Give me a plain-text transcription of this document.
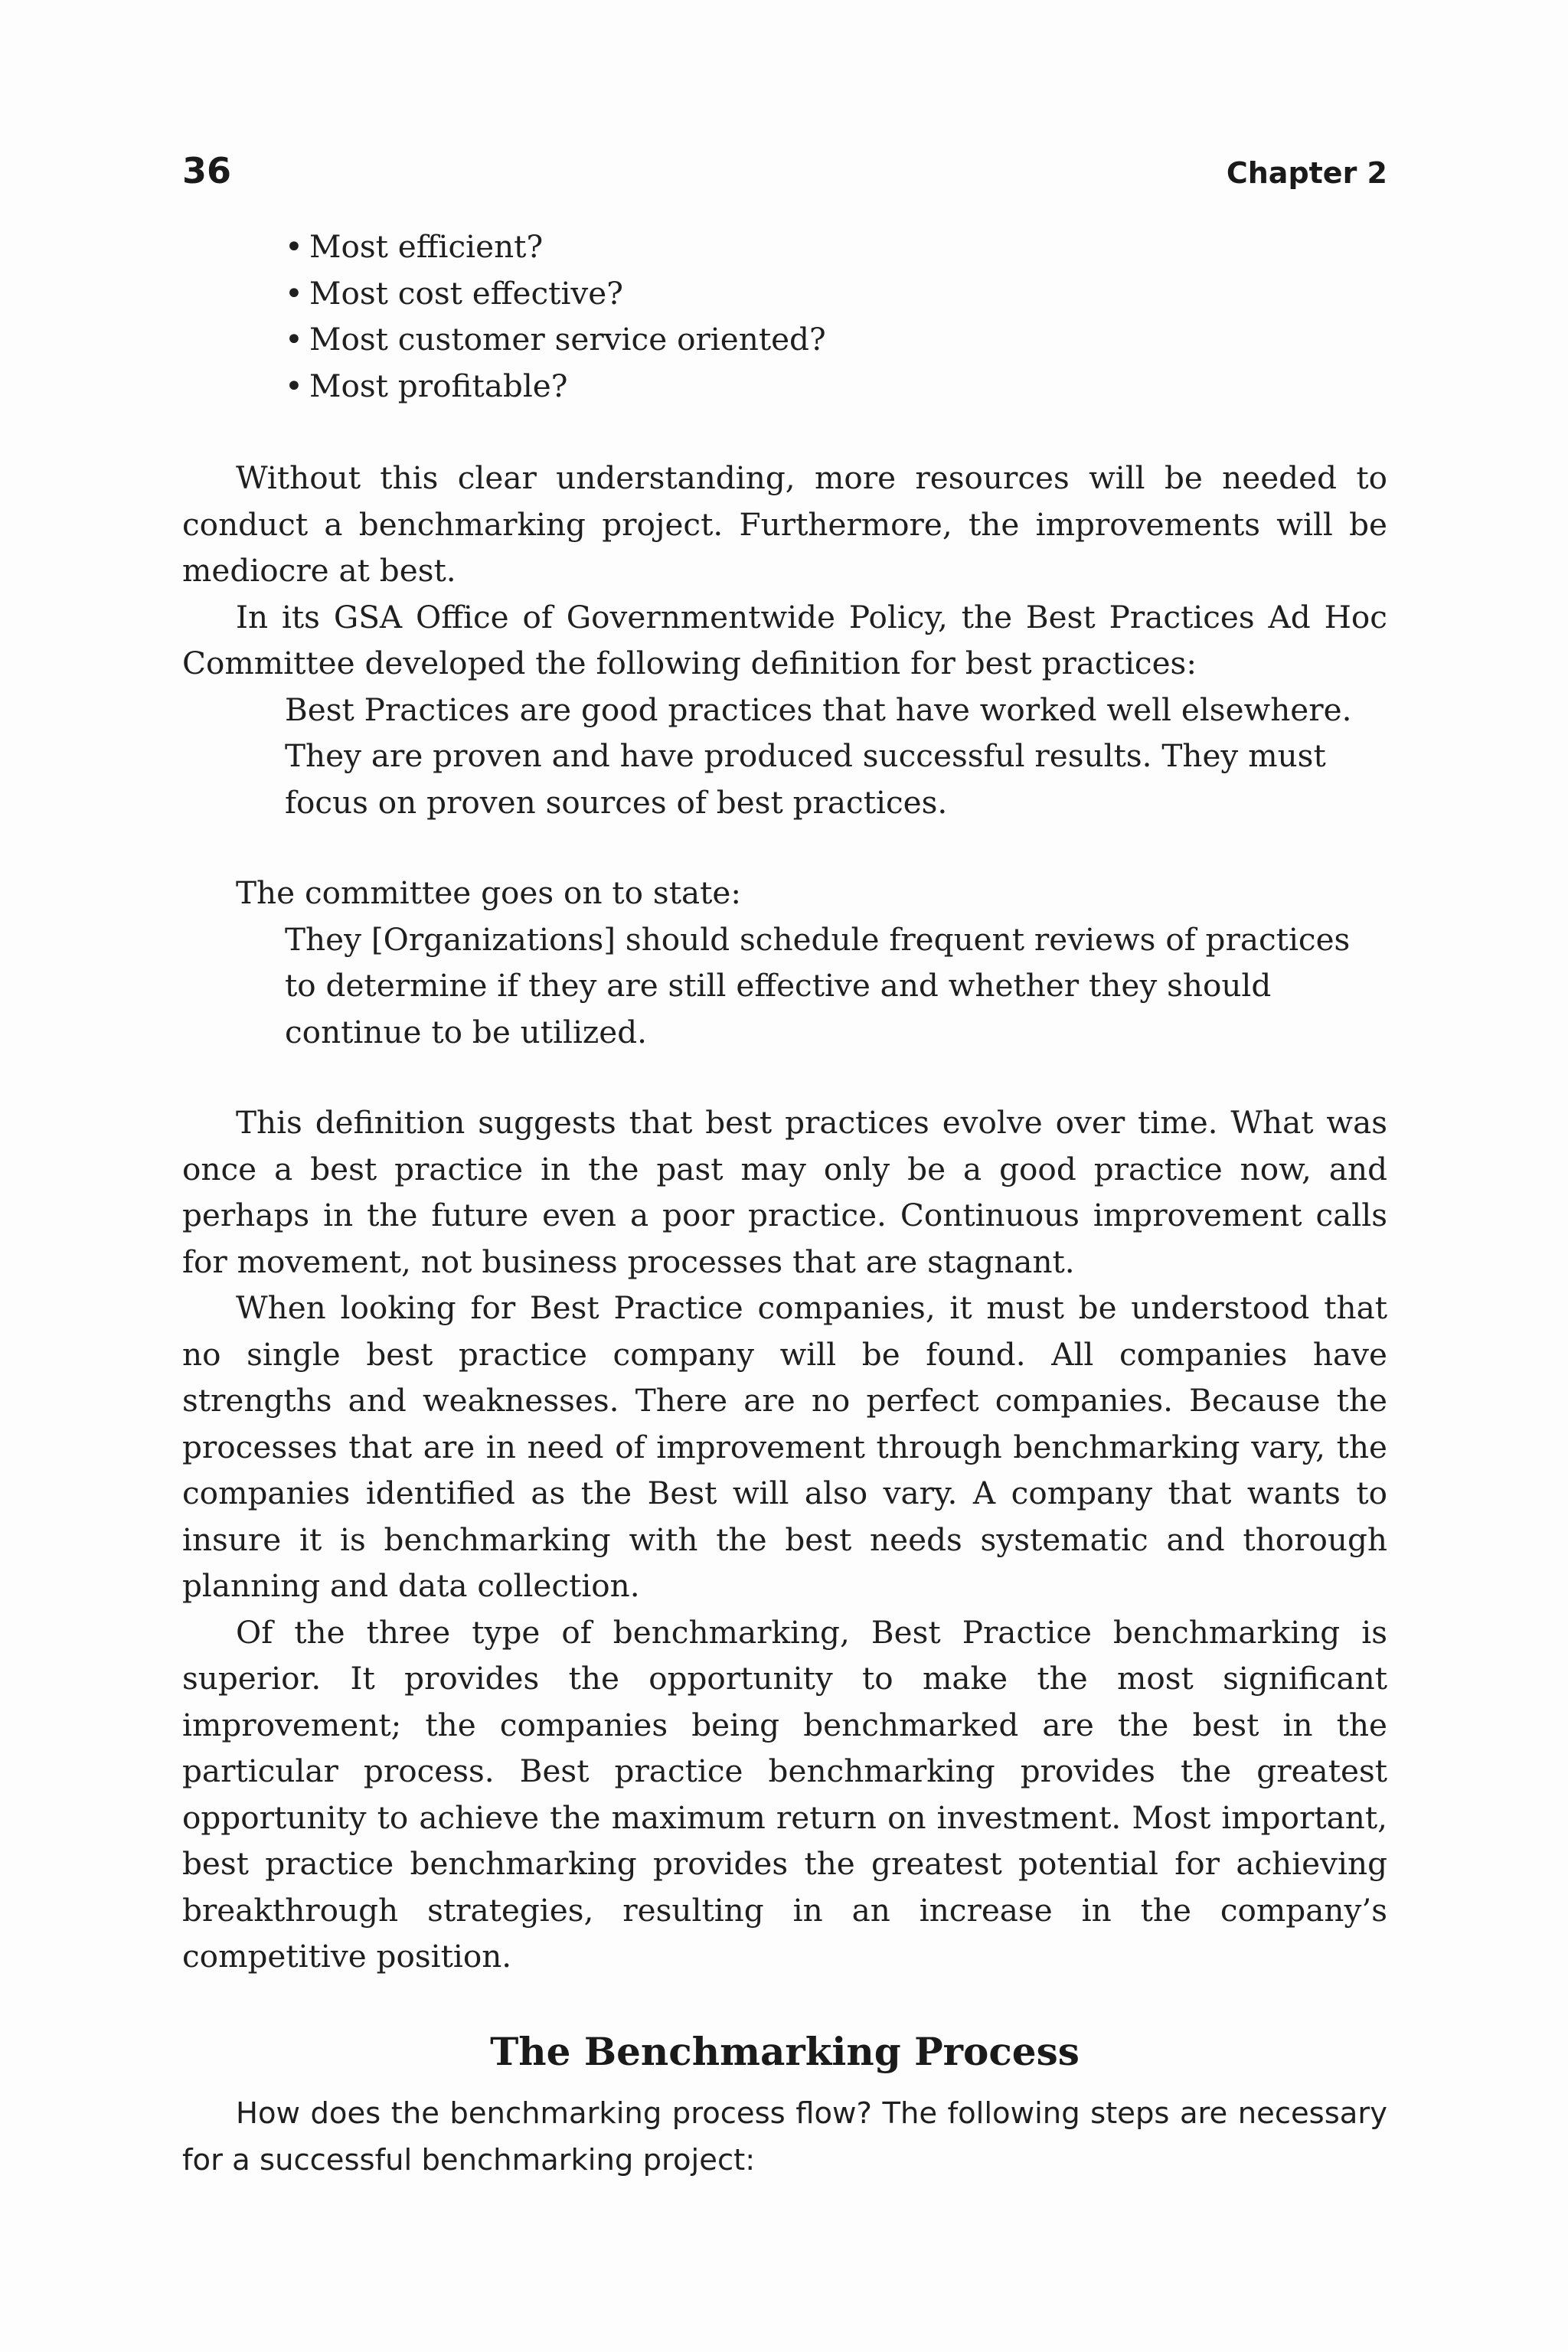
36	Chapter 2
• Most efficient?
• Most cost effective?
• Most customer service oriented?
• Most profitable?

Without this clear understanding, more resources will be needed to conduct a benchmarking project. Furthermore, the improvements will be mediocre at best.

In its GSA Office of Governmentwide Policy, the Best Practices Ad Hoc Committee developed the following definition for best practices:

Best Practices are good practices that have worked well elsewhere. They are proven and have produced successful results. They must focus on proven sources of best practices.

The committee goes on to state:

They [Organizations] should schedule frequent reviews of practices to determine if they are still effective and whether they should continue to be utilized.

This definition suggests that best practices evolve over time. What was once a best practice in the past may only be a good practice now, and perhaps in the future even a poor practice. Continuous improvement calls for movement, not business processes that are stagnant.

When looking for Best Practice companies, it must be understood that no single best practice company will be found. All companies have strengths and weaknesses. There are no perfect companies. Because the processes that are in need of improvement through benchmarking vary, the companies identified as the Best will also vary. A company that wants to insure it is benchmarking with the best needs systematic and thorough planning and data collection.

Of the three type of benchmarking, Best Practice benchmarking is superior. It provides the opportunity to make the most significant improvement; the companies being benchmarked are the best in the particular process. Best practice benchmarking provides the greatest opportunity to achieve the maximum return on investment. Most important, best practice benchmarking provides the greatest potential for achieving breakthrough strategies, resulting in an increase in the company’s competitive position.

The Benchmarking Process

How does the benchmarking process flow? The following steps are necessary for a successful benchmarking project:
